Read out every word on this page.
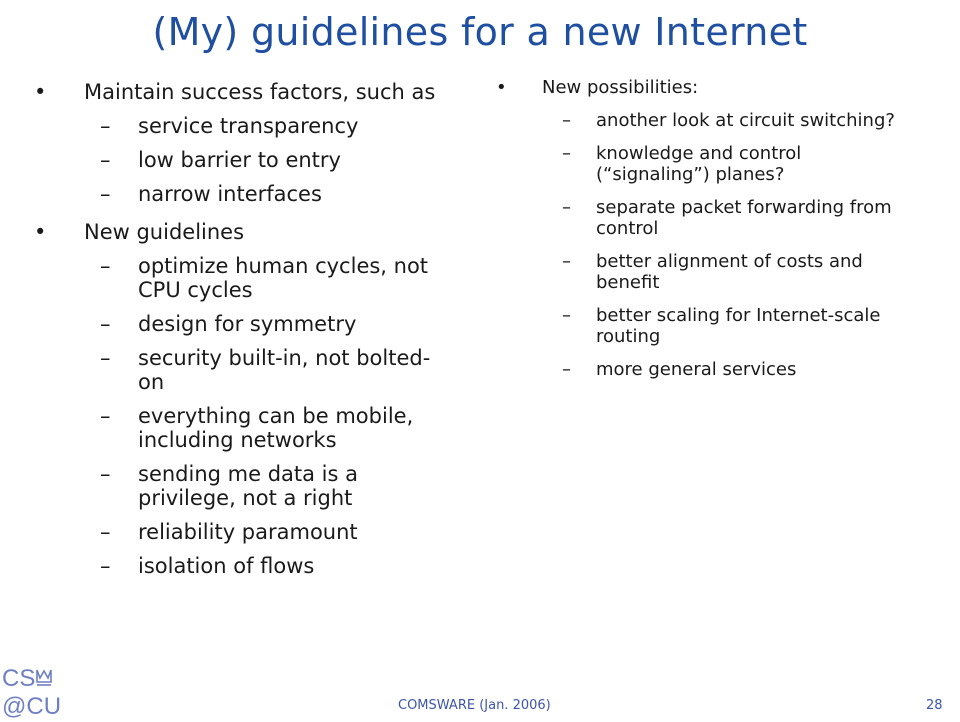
(My) guidelines for a new Internet
•	Maintain success factors, such as
–	service transparency
–	low barrier to entry
–	narrow interfaces
•	New guidelines
–	optimize human cycles, not CPU cycles
–	design for symmetry
–	security built-in, not bolted-on
–	everything can be mobile, including networks
–	sending me data is a privilege, not a right
–	reliability paramount
–	isolation of flows
•	New possibilities:
–	another look at circuit switching?
–	knowledge and control (“signaling”) planes?
–	separate packet forwarding from control
–	better alignment of costs and benefit
–	better scaling for Internet-scale routing
–	more general services
CS
@CU	COMSWARE (Jan. 2006)	28
